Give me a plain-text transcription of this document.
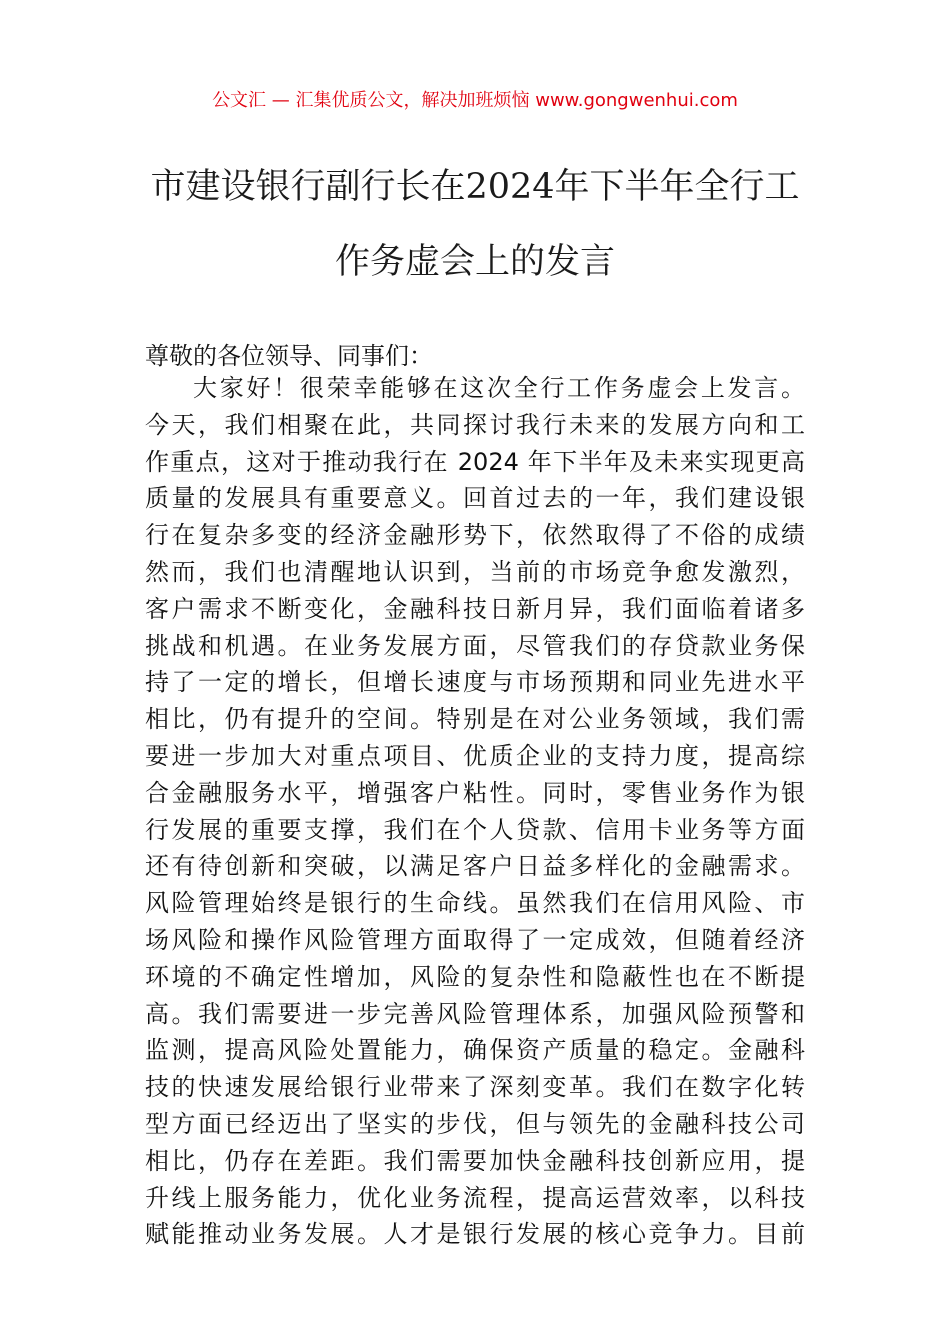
公文汇 — 汇集优质公文，解决加班烦恼 www.gongwenhui.com
市建设银行副行长在2024年下半年全行工
作务虚会上的发言
尊敬的各位领导、同事们：
大家好！很荣幸能够在这次全行工作务虚会上发言。
今天，我们相聚在此，共同探讨我行未来的发展方向和工
作重点，这对于推动我行在 2024 年下半年及未来实现更高
质量的发展具有重要意义。回首过去的一年，我们建设银
行在复杂多变的经济金融形势下，依然取得了不俗的成绩
然而，我们也清醒地认识到，当前的市场竞争愈发激烈，
客户需求不断变化，金融科技日新月异，我们面临着诸多
挑战和机遇。在业务发展方面，尽管我们的存贷款业务保
持了一定的增长，但增长速度与市场预期和同业先进水平
相比，仍有提升的空间。特别是在对公业务领域，我们需
要进一步加大对重点项目、优质企业的支持力度，提高综
合金融服务水平，增强客户粘性。同时，零售业务作为银
行发展的重要支撑，我们在个人贷款、信用卡业务等方面
还有待创新和突破，以满足客户日益多样化的金融需求。
风险管理始终是银行的生命线。虽然我们在信用风险、市
场风险和操作风险管理方面取得了一定成效，但随着经济
环境的不确定性增加，风险的复杂性和隐蔽性也在不断提
高。我们需要进一步完善风险管理体系，加强风险预警和
监测，提高风险处置能力，确保资产质量的稳定。金融科
技的快速发展给银行业带来了深刻变革。我们在数字化转
型方面已经迈出了坚实的步伐，但与领先的金融科技公司
相比，仍存在差距。我们需要加快金融科技创新应用，提
升线上服务能力，优化业务流程，提高运营效率，以科技
赋能推动业务发展。人才是银行发展的核心竞争力。目前
